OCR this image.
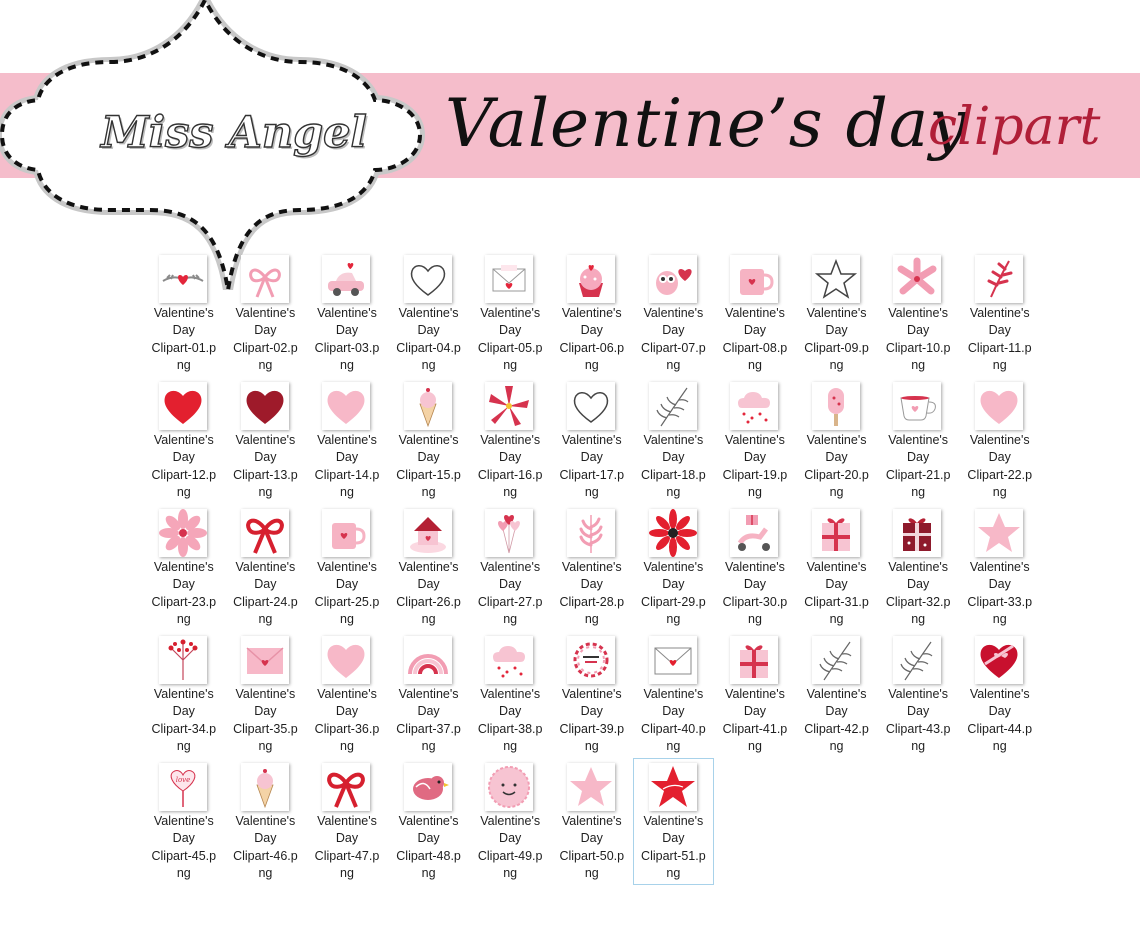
Miss Angel Valentine’s day
clipart
Valentine's
Day
Clipart-01.p
ng
Valentine's
Day
Clipart-02.p
ng
Valentine's
Day
Clipart-03.p
ng
Valentine's
Day
Clipart-04.p
ng
Valentine's
Day
Clipart-05.p
ng
Valentine's
Day
Clipart-06.p
ng
Valentine's
Day
Clipart-07.p
ng
Valentine's
Day
Clipart-08.p
ng
Valentine's
Day
Clipart-09.p
ng
Valentine's
Day
Clipart-10.p
ng
Valentine's
Day
Clipart-11.p
ng
Valentine's
Day
Clipart-12.p
ng
Valentine's
Day
Clipart-13.p
ng
Valentine's
Day
Clipart-14.p
ng
Valentine's
Day
Clipart-15.p
ng
Valentine's
Day
Clipart-16.p
ng
Valentine's
Day
Clipart-17.p
ng
Valentine's
Day
Clipart-18.p
ng
Valentine's
Day
Clipart-19.p
ng
Valentine's
Day
Clipart-20.p
ng
Valentine's
Day
Clipart-21.p
ng
Valentine's
Day
Clipart-22.p
ng
Valentine's
Day
Clipart-23.p
ng
Valentine's
Day
Clipart-24.p
ng
Valentine's
Day
Clipart-25.p
ng
Valentine's
Day
Clipart-26.p
ng
Valentine's
Day
Clipart-27.p
ng
Valentine's
Day
Clipart-28.p
ng
Valentine's
Day
Clipart-29.p
ng
Valentine's
Day
Clipart-30.p
ng
Valentine's
Day
Clipart-31.p
ng
Valentine's
Day
Clipart-32.p
ng
Valentine's
Day
Clipart-33.p
ng
Valentine's
Day
Clipart-34.p
ng
Valentine's
Day
Clipart-35.p
ng
Valentine's
Day
Clipart-36.p
ng
Valentine's
Day
Clipart-37.p
ng
Valentine's
Day
Clipart-38.p
ng
Valentine's
Day
Clipart-39.p
ng
Valentine's
Day
Clipart-40.p
ng
Valentine's
Day
Clipart-41.p
ng
Valentine's
Day
Clipart-42.p
ng
Valentine's
Day
Clipart-43.p
ng
Valentine's
Day
Clipart-44.p
ng
Valentine's
Day
Clipart-45.p
ng
Valentine's
Day
Clipart-46.p
ng
Valentine's
Day
Clipart-47.p
ng
Valentine's
Day
Clipart-48.p
ng
Valentine's
Day
Clipart-49.p
ng
Valentine's
Day
Clipart-50.p
ng
Valentine's
Day
Clipart-51.p
ng
